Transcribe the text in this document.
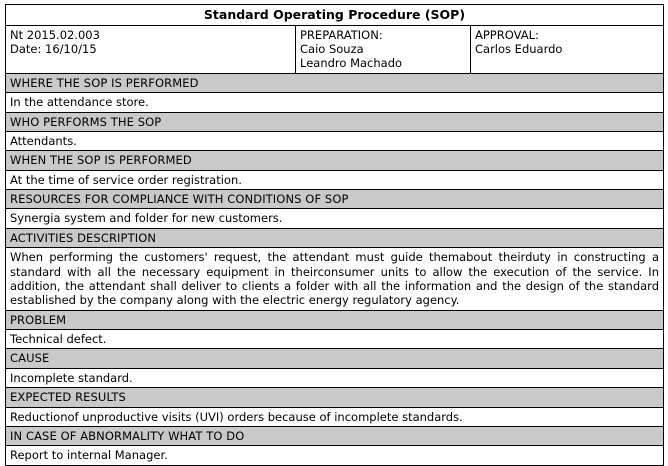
Standard Operating Procedure (SOP)

Nt 2015.02.003
Date: 16/10/15

PREPARATION:
Caio Souza
Leandro Machado

APPROVAL:
Carlos Eduardo

WHERE THE SOP IS PERFORMED
In the attendance store.
WHO PERFORMS THE SOP
Attendants.
WHEN THE SOP IS PERFORMED
At the time of service order registration.
RESOURCES FOR COMPLIANCE WITH CONDITIONS OF SOP
Synergia system and folder for new customers.
ACTIVITIES DESCRIPTION
When performing the customers' request, the attendant must guide themabout theirduty in constructing a standard with all the necessary equipment in theirconsumer units to allow the execution of the service. In addition, the attendant shall deliver to clients a folder with all the information and the design of the standard established by the company along with the electric energy regulatory agency.
PROBLEM
Technical defect.
CAUSE
Incomplete standard.
EXPECTED RESULTS
Reductionof unproductive visits (UVI) orders because of incomplete standards.
IN CASE OF ABNORMALITY WHAT TO DO
Report to internal Manager.
